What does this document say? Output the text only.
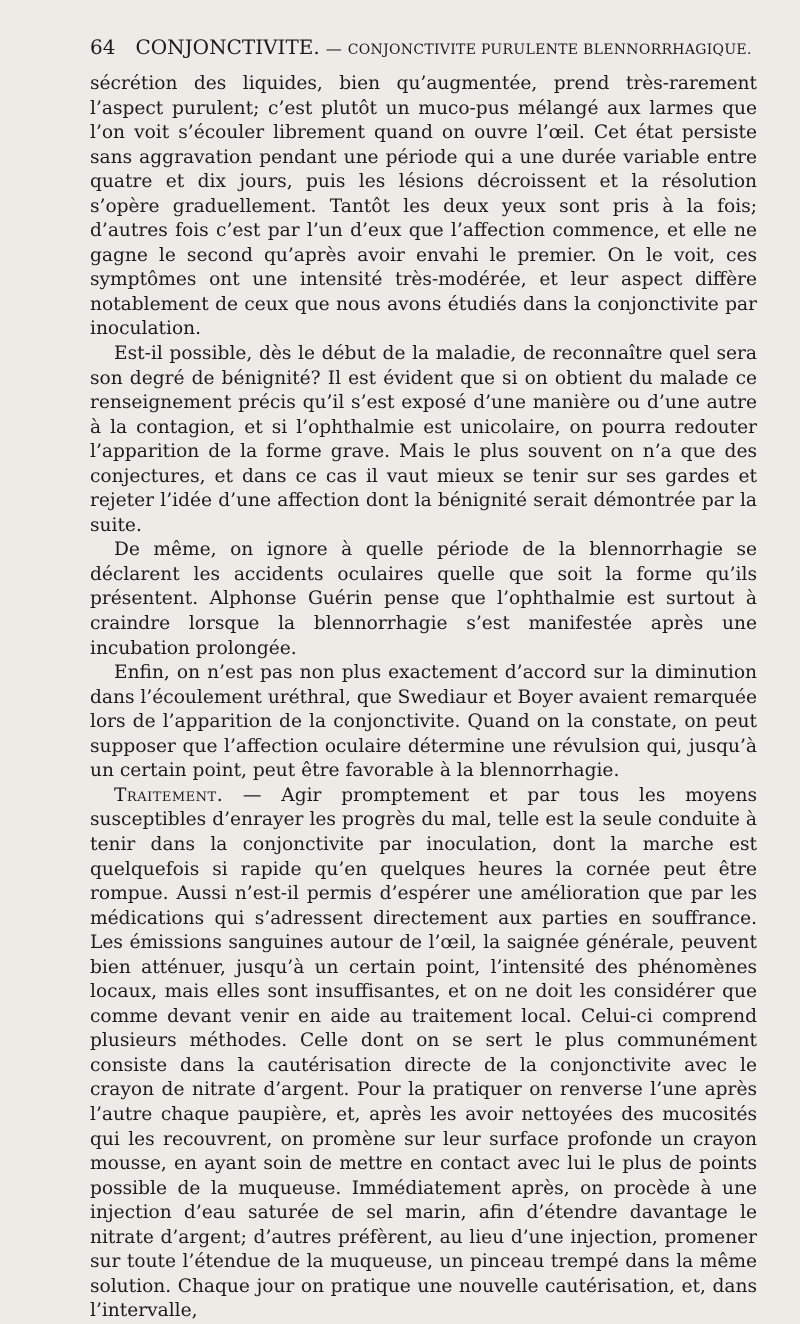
64 CONJONCTIVITE. — CONJONCTIVITE PURULENTE BLENNORRHAGIQUE.

sécrétion des liquides, bien qu’augmentée, prend très-rarement l’aspect purulent; c’est plutôt un muco-pus mélangé aux larmes que l’on voit s’écouler librement quand on ouvre l’œil. Cet état persiste sans aggravation pendant une période qui a une durée variable entre quatre et dix jours, puis les lésions décroissent et la résolution s’opère graduellement. Tantôt les deux yeux sont pris à la fois; d’autres fois c’est par l’un d’eux que l’affection commence, et elle ne gagne le second qu’après avoir envahi le premier. On le voit, ces symptômes ont une intensité très-modérée, et leur aspect diffère notablement de ceux que nous avons étudiés dans la conjonctivite par inoculation.

Est-il possible, dès le début de la maladie, de reconnaître quel sera son degré de bénignité? Il est évident que si on obtient du malade ce renseignement précis qu’il s’est exposé d’une manière ou d’une autre à la contagion, et si l’ophthalmie est unicolaire, on pourra redouter l’apparition de la forme grave. Mais le plus souvent on n’a que des conjectures, et dans ce cas il vaut mieux se tenir sur ses gardes et rejeter l’idée d’une affection dont la bénignité serait démontrée par la suite.

De même, on ignore à quelle période de la blennorrhagie se déclarent les accidents oculaires quelle que soit la forme qu’ils présentent. Alphonse Guérin pense que l’ophthalmie est surtout à craindre lorsque la blennorrhagie s’est manifestée après une incubation prolongée.

Enfin, on n’est pas non plus exactement d’accord sur la diminution dans l’écoulement uréthral, que Swediaur et Boyer avaient remarquée lors de l’apparition de la conjonctivite. Quand on la constate, on peut supposer que l’affection oculaire détermine une révulsion qui, jusqu’à un certain point, peut être favorable à la blennorrhagie.

Traitement. — Agir promptement et par tous les moyens susceptibles d’enrayer les progrès du mal, telle est la seule conduite à tenir dans la conjonctivite par inoculation, dont la marche est quelquefois si rapide qu’en quelques heures la cornée peut être rompue. Aussi n’est-il permis d’espérer une amélioration que par les médications qui s’adressent directement aux parties en souffrance. Les émissions sanguines autour de l’œil, la saignée générale, peuvent bien atténuer, jusqu’à un certain point, l’intensité des phénomènes locaux, mais elles sont insuffisantes, et on ne doit les considérer que comme devant venir en aide au traitement local. Celui-ci comprend plusieurs méthodes. Celle dont on se sert le plus communément consiste dans la cautérisation directe de la conjonctivite avec le crayon de nitrate d’argent. Pour la pratiquer on renverse l’une après l’autre chaque paupière, et, après les avoir nettoyées des mucosités qui les recouvrent, on promène sur leur surface profonde un crayon mousse, en ayant soin de mettre en contact avec lui le plus de points possible de la muqueuse. Immédiatement après, on procède à une injection d’eau saturée de sel marin, afin d’étendre davantage le nitrate d’argent; d’autres préfèrent, au lieu d’une injection, promener sur toute l’étendue de la muqueuse, un pinceau trempé dans la même solution. Chaque jour on pratique une nouvelle cautérisation, et, dans l’intervalle,
